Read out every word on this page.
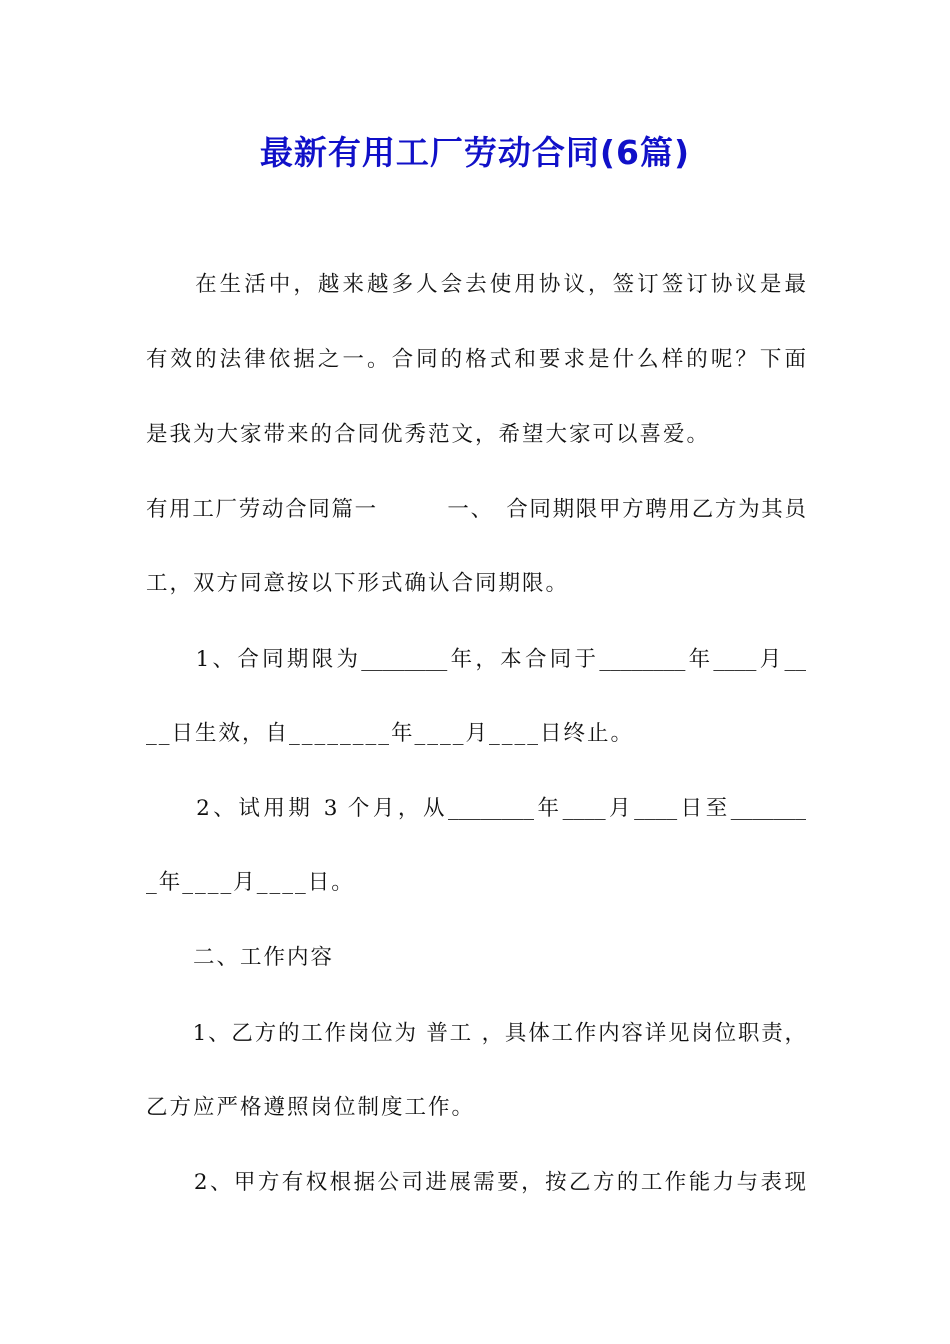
最新有用工厂劳动合同(6篇)
　　在生活中，越来越多人会去使用协议，签订签订协议是最
有效的法律依据之一。合同的格式和要求是什么样的呢？下面
是我为大家带来的合同优秀范文，希望大家可以喜爱。
有用工厂劳动合同篇一　　　一、　合同期限甲方聘用乙方为其员
工，双方同意按以下形式确认合同期限。
　　1、合同期限为________年，本合同于________年____月__
__日生效，自________年____月____日终止。
　　2、试用期 3 个月，从________年____月____日至_______
_年____月____日。
　　二、工作内容
　　1、乙方的工作岗位为 普工 ，具体工作内容详见岗位职责，
乙方应严格遵照岗位制度工作。
　　2、甲方有权根据公司进展需要，按乙方的工作能力与表现
